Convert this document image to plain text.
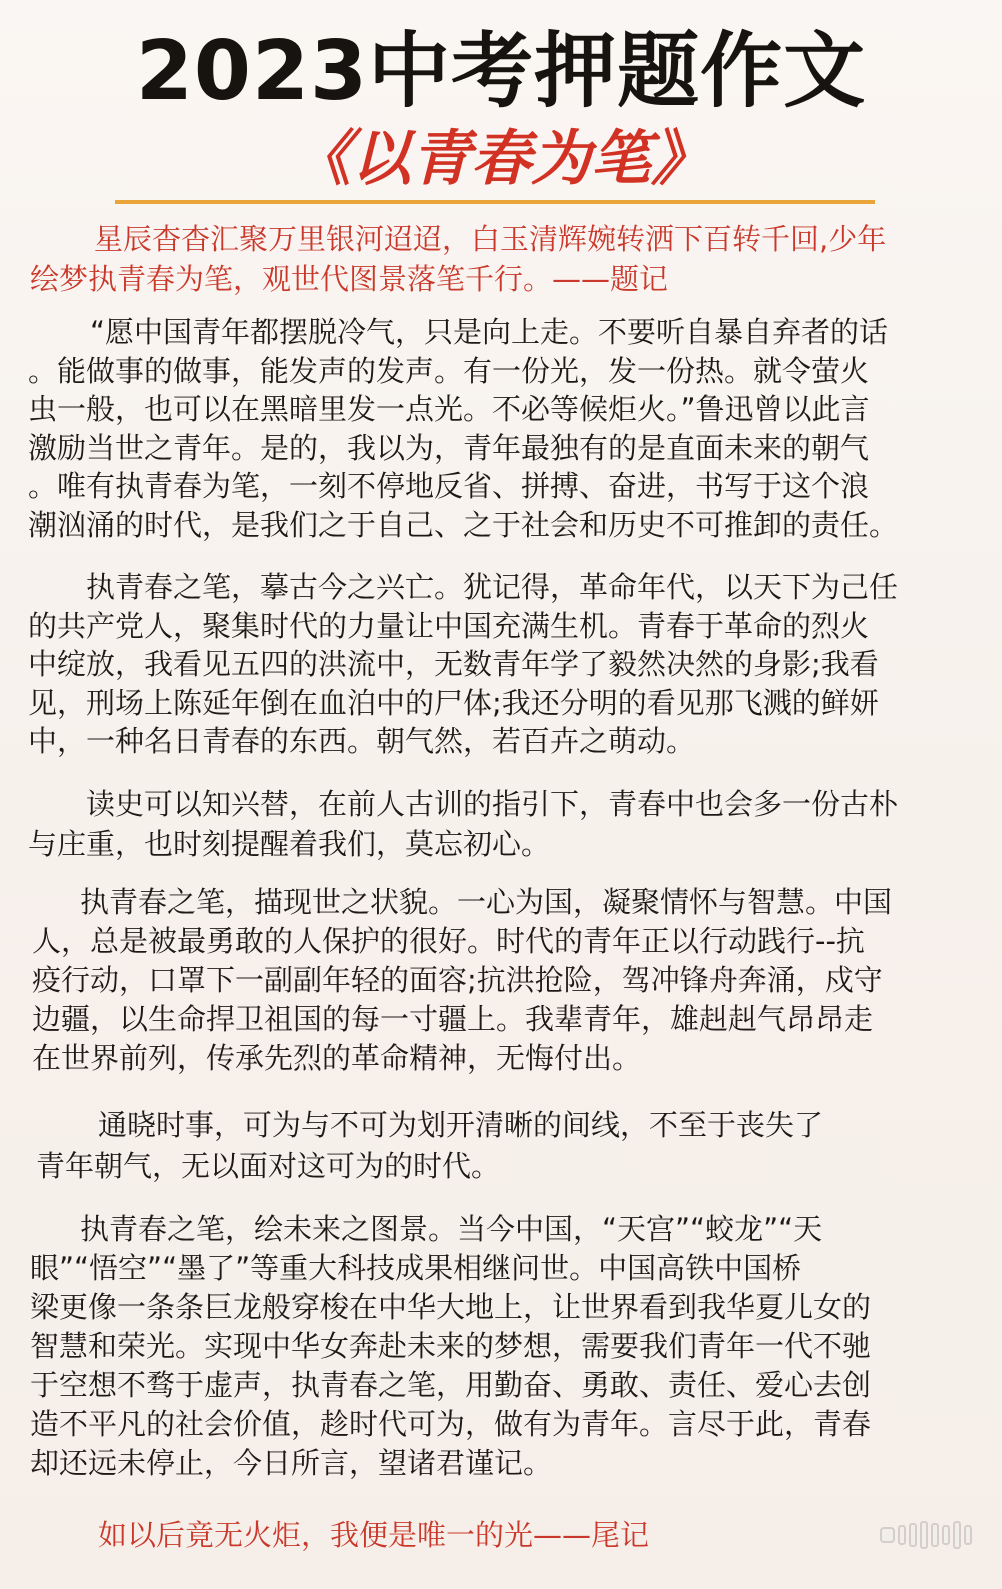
2023中考押题作文
《以青春为笔》

星辰杳杳汇聚万里银河迢迢，白玉清辉婉转洒下百转千回,少年
绘梦执青春为笔，观世代图景落笔千行。——题记

“愿中国青年都摆脱冷气，只是向上走。不要听自暴自弃者的话
。能做事的做事，能发声的发声。有一份光，发一份热。就令萤火
虫一般，也可以在黑暗里发一点光。不必等候炬火。”鲁迅曾以此言
激励当世之青年。是的，我以为，青年最独有的是直面未来的朝气
。唯有执青春为笔，一刻不停地反省、拼搏、奋进，书写于这个浪
潮汹涌的时代，是我们之于自己、之于社会和历史不可推卸的责任。

执青春之笔，摹古今之兴亡。犹记得，革命年代，以天下为己任
的共产党人，聚集时代的力量让中国充满生机。青春于革命的烈火
中绽放，我看见五四的洪流中，无数青年学了毅然决然的身影;我看
见，刑场上陈延年倒在血泊中的尸体;我还分明的看见那飞溅的鲜妍
中，一种名日青春的东西。朝气然，若百卉之萌动。

读史可以知兴替，在前人古训的指引下，青春中也会多一份古朴
与庄重，也时刻提醒着我们，莫忘初心。

执青春之笔，描现世之状貌。一心为国，凝聚情怀与智慧。中国
人，总是被最勇敢的人保护的很好。时代的青年正以行动践行--抗
疫行动，口罩下一副副年轻的面容;抗洪抢险，驾冲锋舟奔涌，戍守
边疆，以生命捍卫祖国的每一寸疆上。我辈青年，雄赳赳气昂昂走
在世界前列，传承先烈的革命精神，无悔付出。

通晓时事，可为与不可为划开清晰的间线，不至于丧失了
青年朝气，无以面对这可为的时代。

执青春之笔，绘未来之图景。当今中国，“天宫”“蛟龙”“天
眼”“悟空”“墨了”等重大科技成果相继问世。中国高铁中国桥
梁更像一条条巨龙般穿梭在中华大地上，让世界看到我华夏儿女的
智慧和荣光。实现中华女奔赴未来的梦想，需要我们青年一代不驰
于空想不骛于虚声，执青春之笔，用勤奋、勇敢、责任、爱心去创
造不平凡的社会价值，趁时代可为，做有为青年。言尽于此，青春
却还远未停止，今日所言，望诸君谨记。

如以后竟无火炬，我便是唯一的光——尾记
